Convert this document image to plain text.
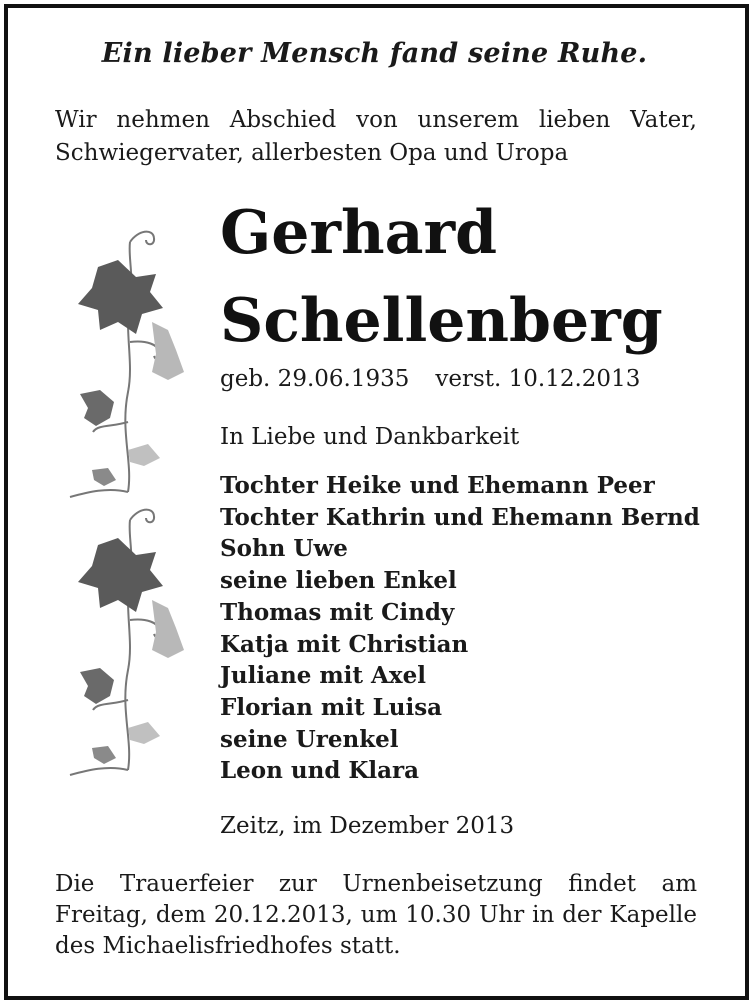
Ein lieber Mensch fand seine Ruhe.
Wir nehmen Abschied von unserem lieben Vater, Schwiegervater, allerbesten Opa und Uropa
Gerhard
Schellenberg
geb. 29.06.1935 verst. 10.12.2013
In Liebe und Dankbarkeit
Tochter Heike und Ehemann Peer
Tochter Kathrin und Ehemann Bernd
Sohn Uwe
seine lieben Enkel
Thomas mit Cindy
Katja mit Christian
Juliane mit Axel
Florian mit Luisa
seine Urenkel
Leon und Klara
Zeitz, im Dezember 2013
Die Trauerfeier zur Urnenbeisetzung findet am Freitag, dem 20.12.2013, um 10.30 Uhr in der Kapelle des Michaelisfriedhofes statt.
